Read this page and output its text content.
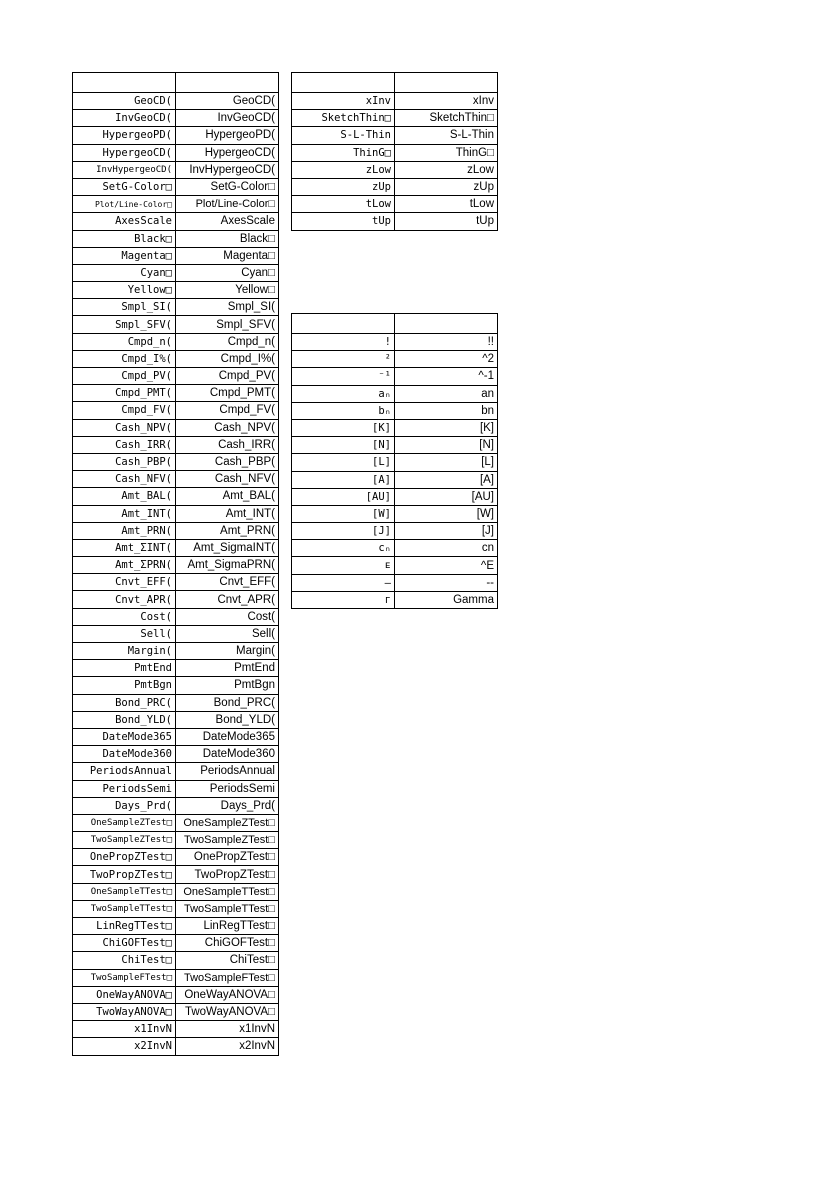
GeoCD(	GeoCD(
InvGeoCD(	InvGeoCD(
HypergeoPD(	HypergeoPD(
HypergeoCD(	HypergeoCD(
InvHypergeoCD(	InvHypergeoCD(
SetG-Color□	SetG-Color□
Plot/Line-Color□	Plot/Line-Color□
AxesScale	AxesScale
Black□	Black□
Magenta□	Magenta□
Cyan□	Cyan□
Yellow□	Yellow□
Smpl_SI(	Smpl_SI(
Smpl_SFV(	Smpl_SFV(
Cmpd_n(	Cmpd_n(
Cmpd_I%(	Cmpd_I%(
Cmpd_PV(	Cmpd_PV(
Cmpd_PMT(	Cmpd_PMT(
Cmpd_FV(	Cmpd_FV(
Cash_NPV(	Cash_NPV(
Cash_IRR(	Cash_IRR(
Cash_PBP(	Cash_PBP(
Cash_NFV(	Cash_NFV(
Amt_BAL(	Amt_BAL(
Amt_INT(	Amt_INT(
Amt_PRN(	Amt_PRN(
Amt_ΣINT(	Amt_SigmaINT(
Amt_ΣPRN(	Amt_SigmaPRN(
Cnvt_EFF(	Cnvt_EFF(
Cnvt_APR(	Cnvt_APR(
Cost(	Cost(
Sell(	Sell(
Margin(	Margin(
PmtEnd	PmtEnd
PmtBgn	PmtBgn
Bond_PRC(	Bond_PRC(
Bond_YLD(	Bond_YLD(
DateMode365	DateMode365
DateMode360	DateMode360
PeriodsAnnual	PeriodsAnnual
PeriodsSemi	PeriodsSemi
Days_Prd(	Days_Prd(
OneSampleZTest□	OneSampleZTest□
TwoSampleZTest□	TwoSampleZTest□
OnePropZTest□	OnePropZTest□
TwoPropZTest□	TwoPropZTest□
OneSampleTTest□	OneSampleTTest□
TwoSampleTTest□	TwoSampleTTest□
LinRegTTest□	LinRegTTest□
ChiGOFTest□	ChiGOFTest□
ChiTest□	ChiTest□
TwoSampleFTest□	TwoSampleFTest□
OneWayANOVA□	OneWayANOVA□
TwoWayANOVA□	TwoWayANOVA□
x1InvN	x1InvN
x2InvN	x2InvN

xInv	xInv
SketchThin□	SketchThin□
S-L-Thin	S-L-Thin
ThinG□	ThinG□
zLow	zLow
zUp	zUp
tLow	tLow
tUp	tUp

!	!!
²	^2
⁻¹	^-1
aₙ	an
bₙ	bn
[K]	[K]
[N]	[N]
[L]	[L]
[A]	[A]
[AU]	[AU]
[W]	[W]
[J]	[J]
cₙ	cn
ᴇ	^E
–	--
г	Gamma
